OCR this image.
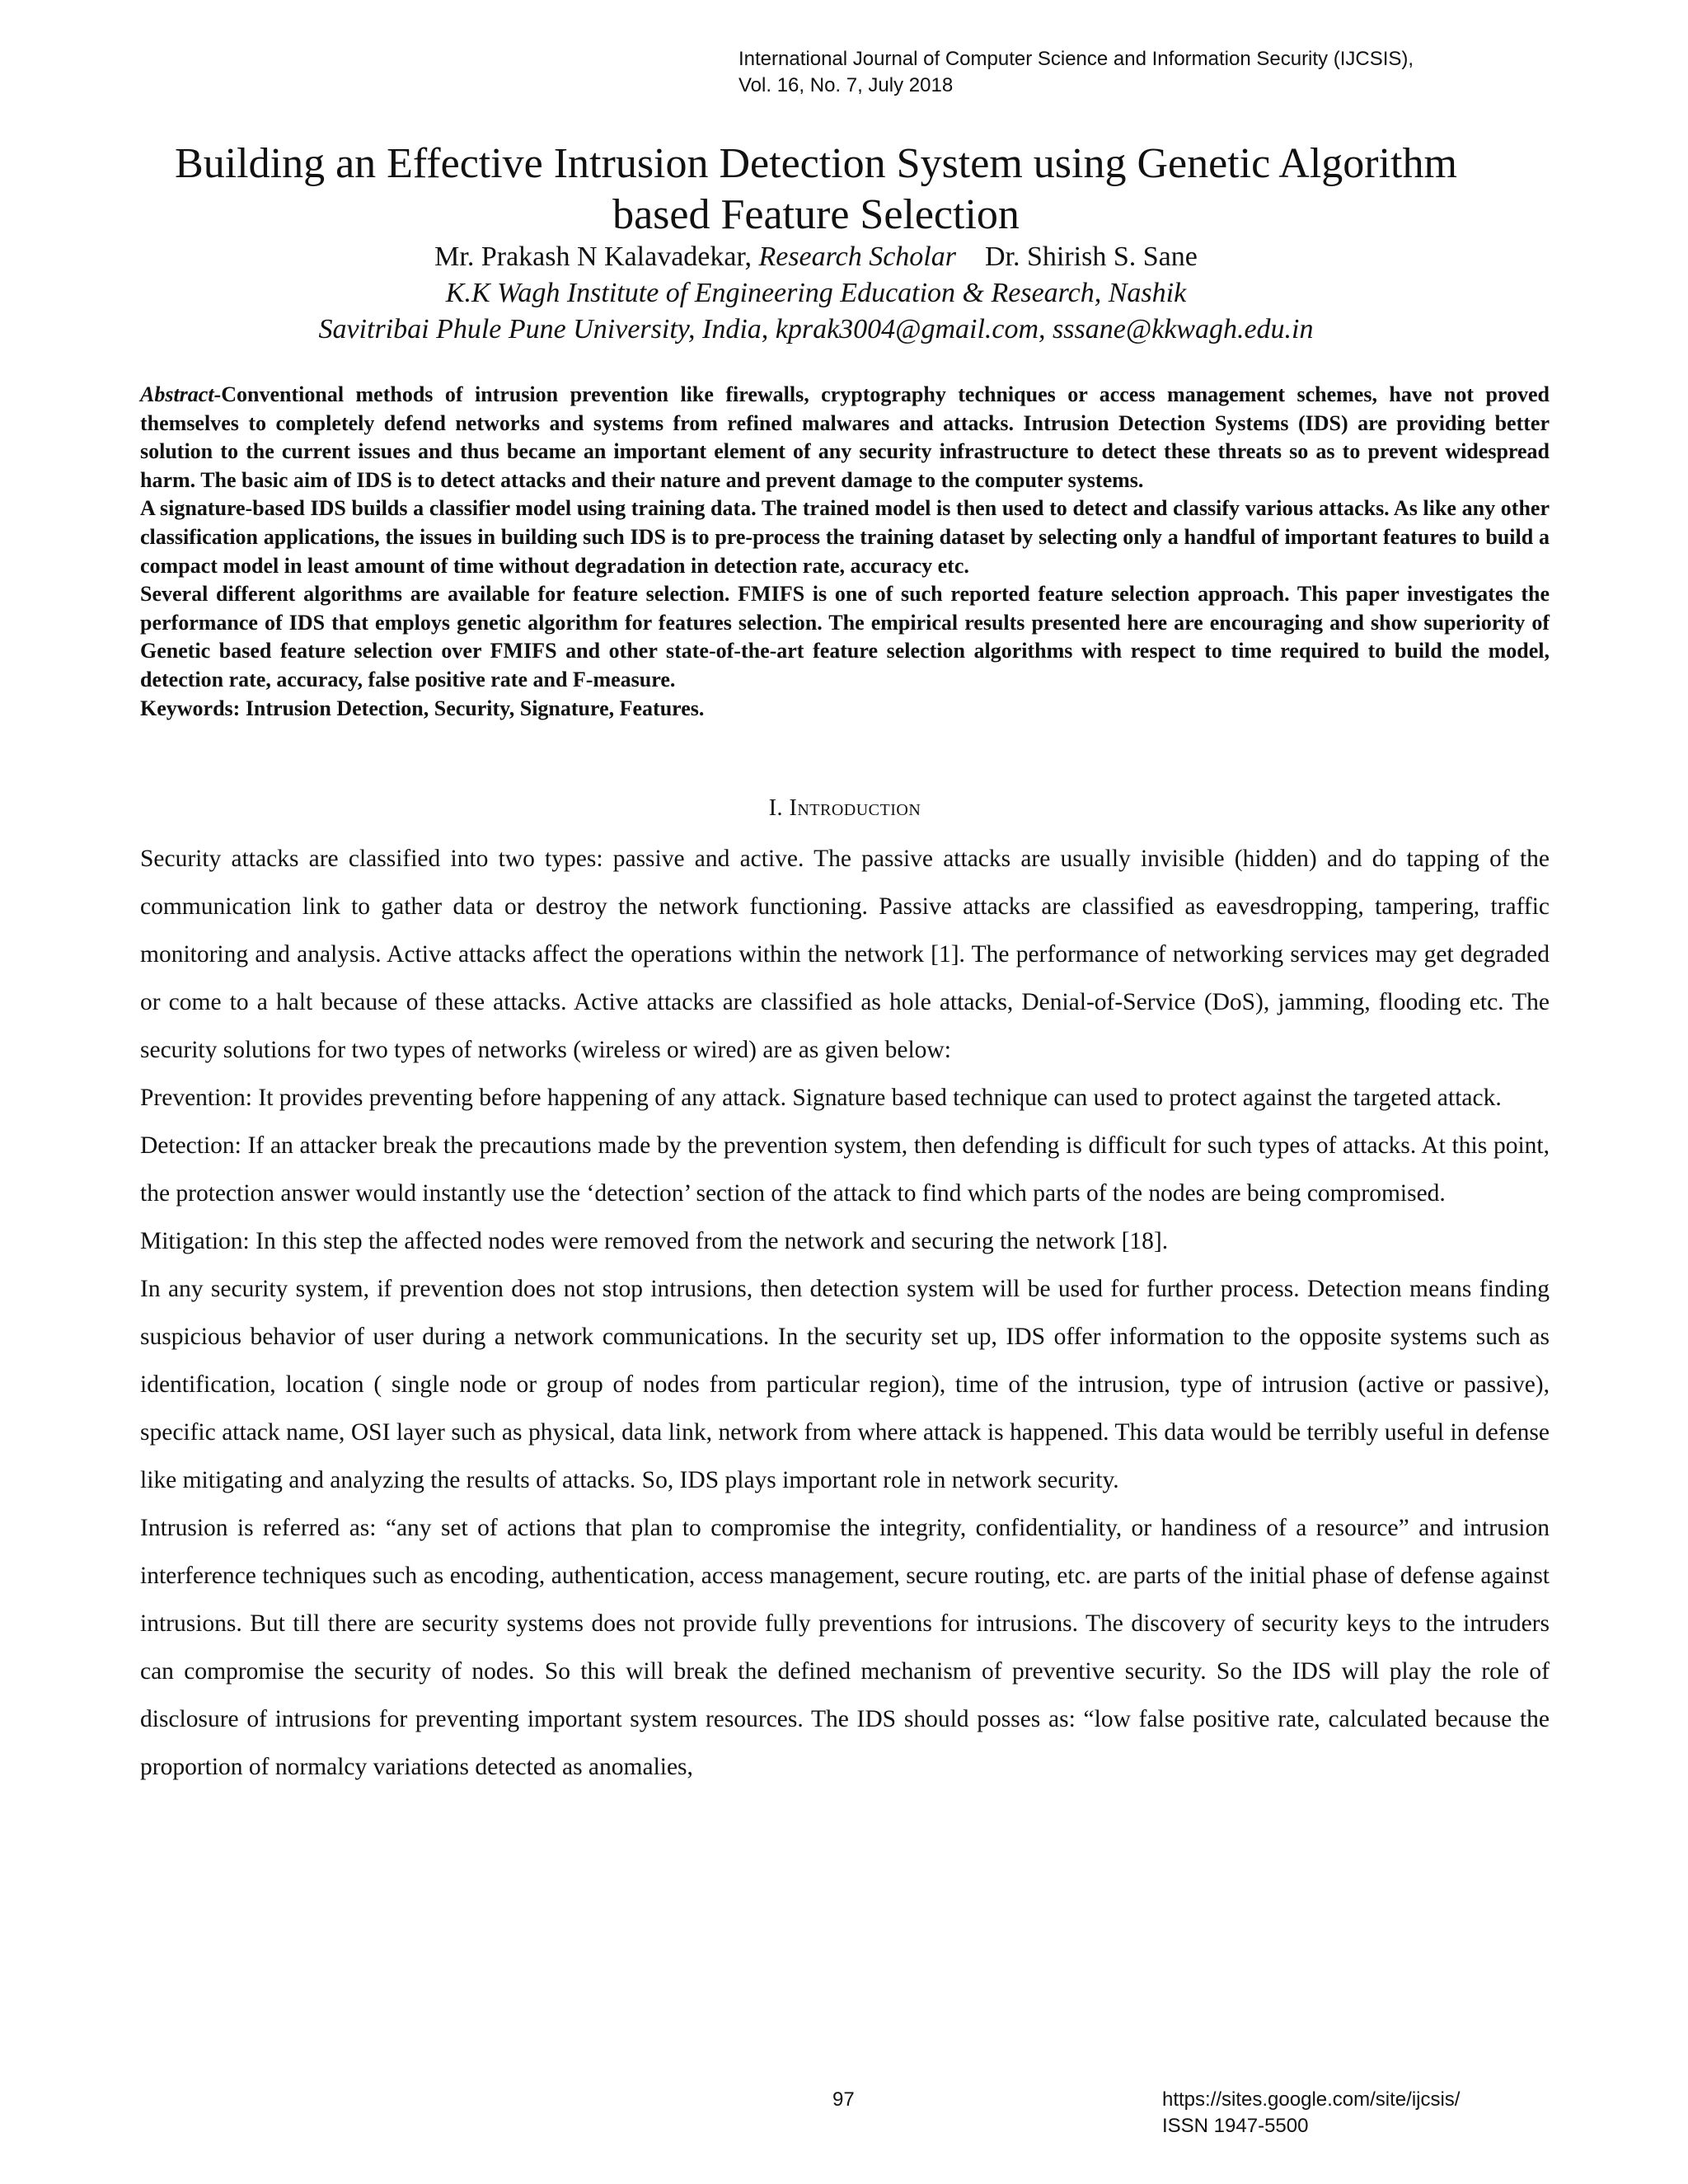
International Journal of Computer Science and Information Security (IJCSIS),
Vol. 16, No. 7, July 2018
Building an Effective Intrusion Detection System using Genetic Algorithm
based Feature Selection
Mr. Prakash N Kalavadekar, Research Scholar Dr. Shirish S. Sane
K.K Wagh Institute of Engineering Education & Research, Nashik
Savitribai Phule Pune University, India, kprak3004@gmail.com, sssane@kkwagh.edu.in

Abstract-Conventional methods of intrusion prevention like firewalls, cryptography techniques or access management schemes, have not proved themselves to completely defend networks and systems from refined malwares and attacks. Intrusion Detection Systems (IDS) are providing better solution to the current issues and thus became an important element of any security infrastructure to detect these threats so as to prevent widespread harm. The basic aim of IDS is to detect attacks and their nature and prevent damage to the computer systems.

A signature-based IDS builds a classifier model using training data. The trained model is then used to detect and classify various attacks. As like any other classification applications, the issues in building such IDS is to pre-process the training dataset by selecting only a handful of important features to build a compact model in least amount of time without degradation in detection rate, accuracy etc.

Several different algorithms are available for feature selection. FMIFS is one of such reported feature selection approach. This paper investigates the performance of IDS that employs genetic algorithm for features selection. The empirical results presented here are encouraging and show superiority of Genetic based feature selection over FMIFS and other state-of-the-art feature selection algorithms with respect to time required to build the model, detection rate, accuracy, false positive rate and F-measure.

Keywords: Intrusion Detection, Security, Signature, Features.

I. Introduction

Security attacks are classified into two types: passive and active. The passive attacks are usually invisible (hidden) and do tapping of the communication link to gather data or destroy the network functioning. Passive attacks are classified as eavesdropping, tampering, traffic monitoring and analysis. Active attacks affect the operations within the network [1]. The performance of networking services may get degraded or come to a halt because of these attacks. Active attacks are classified as hole attacks, Denial-of-Service (DoS), jamming, flooding etc. The security solutions for two types of networks (wireless or wired) are as given below:

Prevention: It provides preventing before happening of any attack. Signature based technique can used to protect against the targeted attack.

Detection: If an attacker break the precautions made by the prevention system, then defending is difficult for such types of attacks. At this point, the protection answer would instantly use the ‘detection’ section of the attack to find which parts of the nodes are being compromised.

Mitigation: In this step the affected nodes were removed from the network and securing the network [18].

In any security system, if prevention does not stop intrusions, then detection system will be used for further process. Detection means finding suspicious behavior of user during a network communications. In the security set up, IDS offer information to the opposite systems such as identification, location ( single node or group of nodes from particular region), time of the intrusion, type of intrusion (active or passive), specific attack name, OSI layer such as physical, data link, network from where attack is happened. This data would be terribly useful in defense like mitigating and analyzing the results of attacks. So, IDS plays important role in network security.

Intrusion is referred as: “any set of actions that plan to compromise the integrity, confidentiality, or handiness of a resource” and intrusion interference techniques such as encoding, authentication, access management, secure routing, etc. are parts of the initial phase of defense against intrusions. But till there are security systems does not provide fully preventions for intrusions. The discovery of security keys to the intruders can compromise the security of nodes. So this will break the defined mechanism of preventive security. So the IDS will play the role of disclosure of intrusions for preventing important system resources. The IDS should posses as: “low false positive rate, calculated because the proportion of normalcy variations detected as anomalies,

97	https://sites.google.com/site/ijcsis/
ISSN 1947-5500
